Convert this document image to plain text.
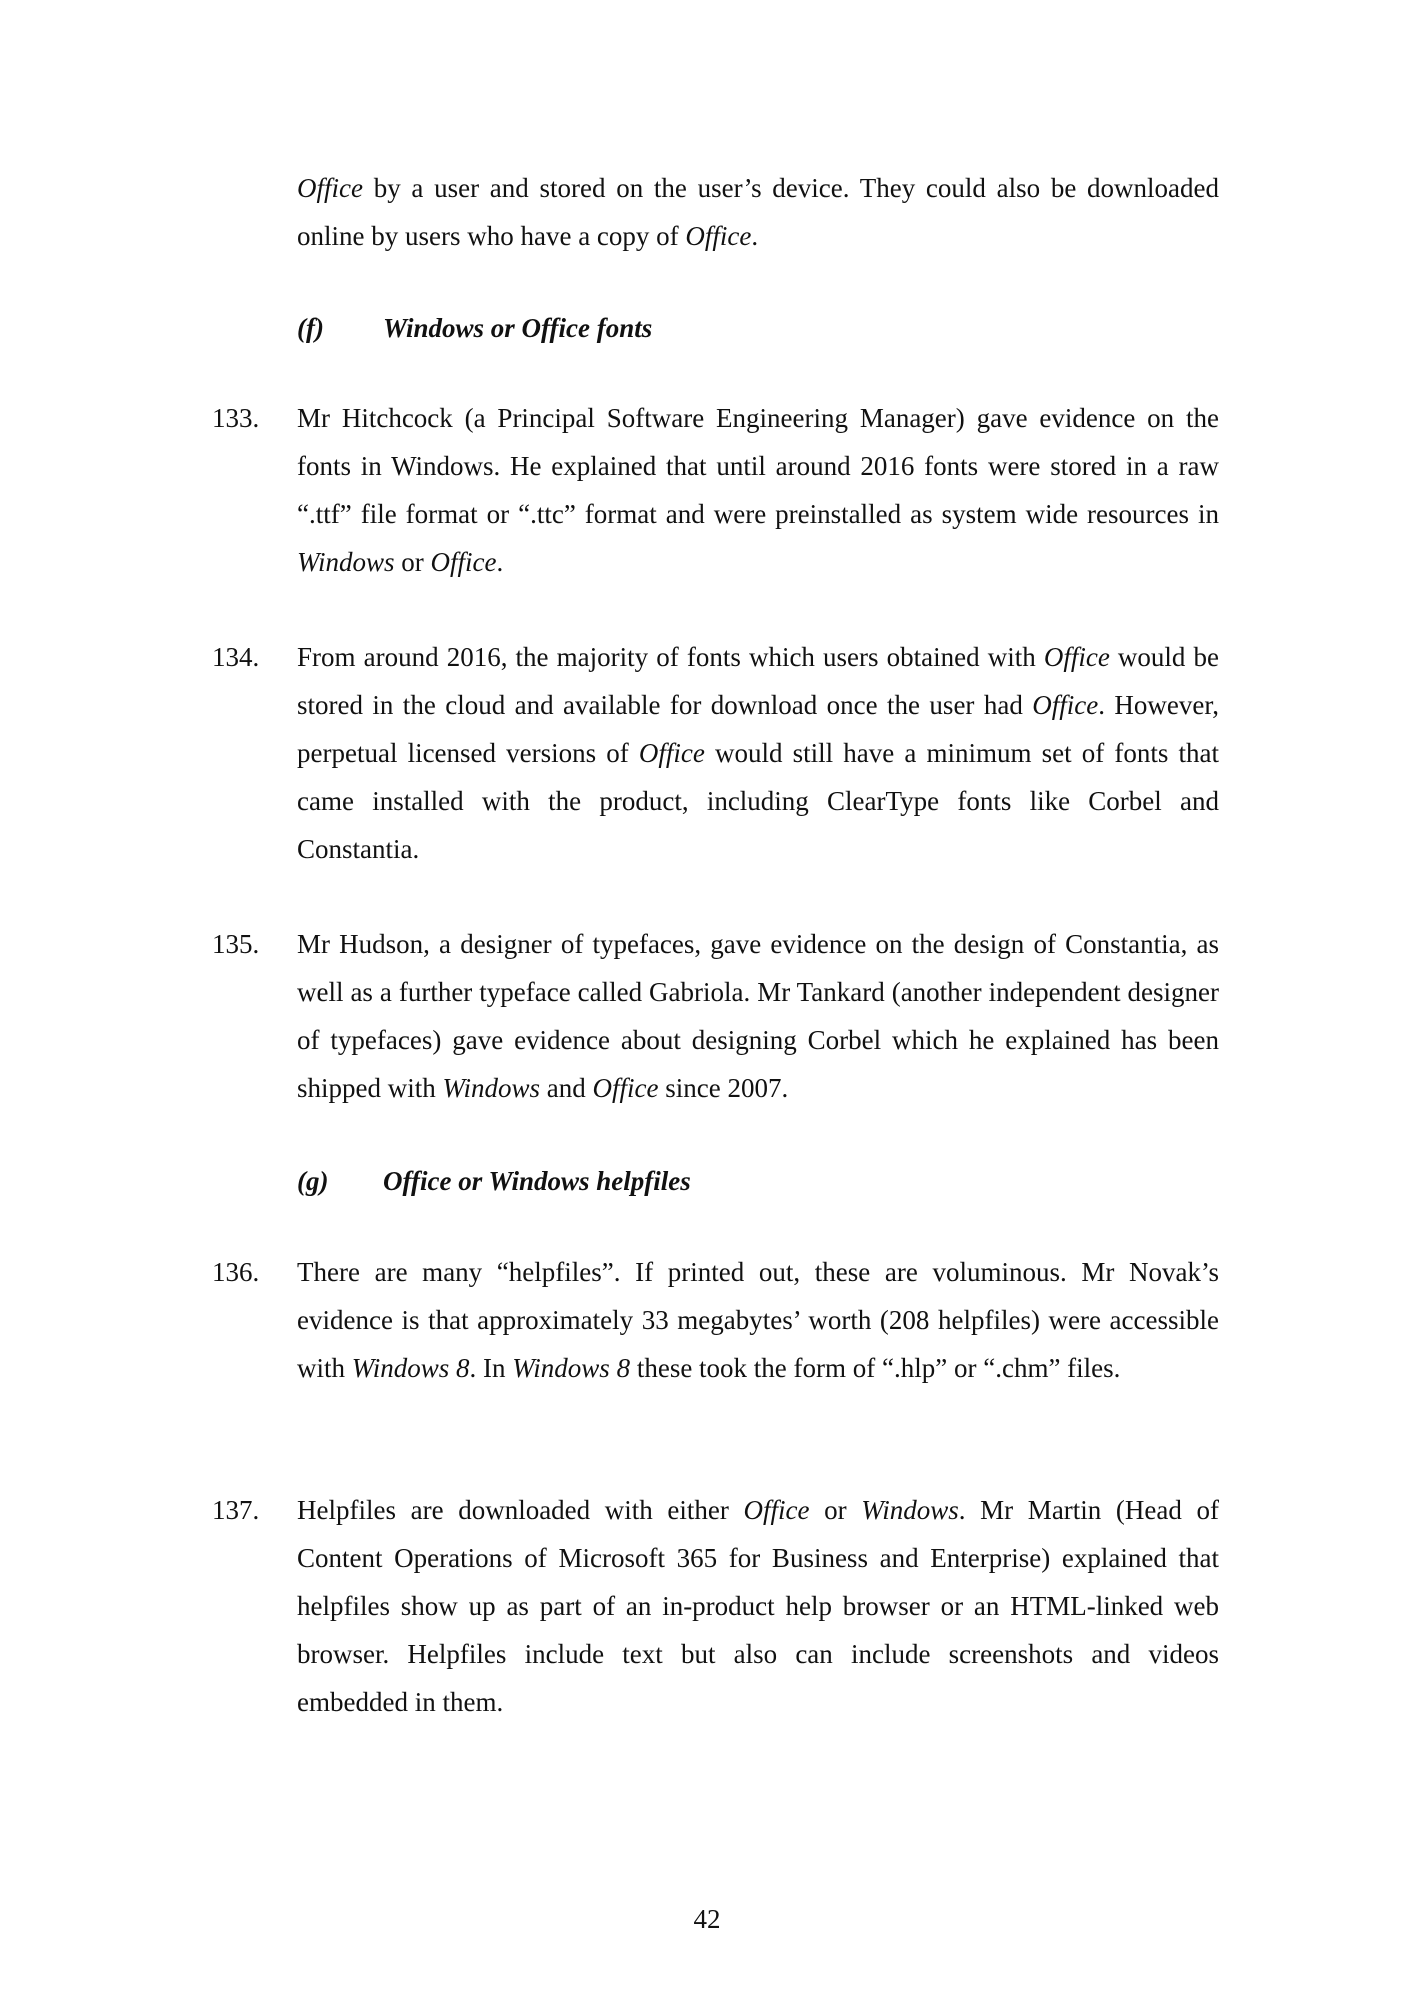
Office by a user and stored on the user’s device. They could also be downloaded online by users who have a copy of Office.
(f) Windows or Office fonts
133. Mr Hitchcock (a Principal Software Engineering Manager) gave evidence on the fonts in Windows. He explained that until around 2016 fonts were stored in a raw “.ttf” file format or “.ttc” format and were preinstalled as system wide resources in Windows or Office.
134. From around 2016, the majority of fonts which users obtained with Office would be stored in the cloud and available for download once the user had Office. However, perpetual licensed versions of Office would still have a minimum set of fonts that came installed with the product, including ClearType fonts like Corbel and Constantia.
135. Mr Hudson, a designer of typefaces, gave evidence on the design of Constantia, as well as a further typeface called Gabriola. Mr Tankard (another independent designer of typefaces) gave evidence about designing Corbel which he explained has been shipped with Windows and Office since 2007.
(g) Office or Windows helpfiles
136. There are many “helpfiles”. If printed out, these are voluminous. Mr Novak’s evidence is that approximately 33 megabytes’ worth (208 helpfiles) were accessible with Windows 8. In Windows 8 these took the form of “.hlp” or “.chm” files.
137. Helpfiles are downloaded with either Office or Windows. Mr Martin (Head of Content Operations of Microsoft 365 for Business and Enterprise) explained that helpfiles show up as part of an in-product help browser or an HTML-linked web browser. Helpfiles include text but also can include screenshots and videos embedded in them.
42
